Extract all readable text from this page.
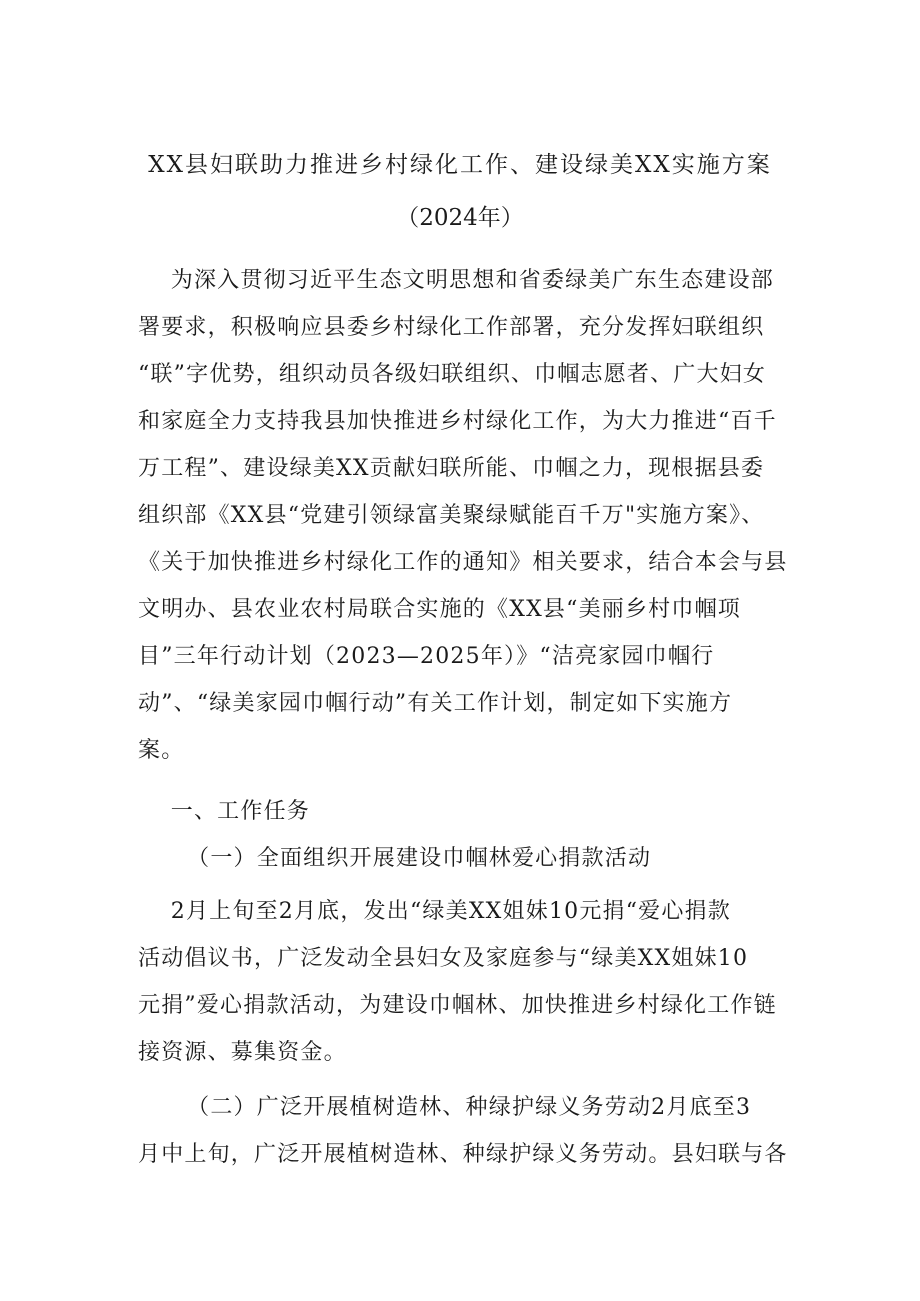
XX县妇联助力推进乡村绿化工作、建设绿美XX实施方案
（2024年）
为深入贯彻习近平生态文明思想和省委绿美广东生态建设部
署要求，积极响应县委乡村绿化工作部署，充分发挥妇联组织
“联”字优势，组织动员各级妇联组织、巾帼志愿者、广大妇女
和家庭全力支持我县加快推进乡村绿化工作，为大力推进“百千
万工程”、建设绿美XX贡献妇联所能、巾帼之力，现根据县委
组织部《XX县“党建引领绿富美聚绿赋能百千万"实施方案》、
《关于加快推进乡村绿化工作的通知》相关要求，结合本会与县
文明办、县农业农村局联合实施的《XX县“美丽乡村巾帼项
目”三年行动计划（2023—2025年）》“洁亮家园巾帼行
动”、“绿美家园巾帼行动”有关工作计划，制定如下实施方
案。
一、工作任务
（一）全面组织开展建设巾帼林爱心捐款活动
2月上旬至2月底，发出“绿美XX姐妹10元捐“爱心捐款
活动倡议书，广泛发动全县妇女及家庭参与“绿美XX姐妹10
元捐”爱心捐款活动，为建设巾帼林、加快推进乡村绿化工作链
接资源、募集资金。
（二）广泛开展植树造林、种绿护绿义务劳动2月底至3
月中上旬，广泛开展植树造林、种绿护绿义务劳动。县妇联与各
